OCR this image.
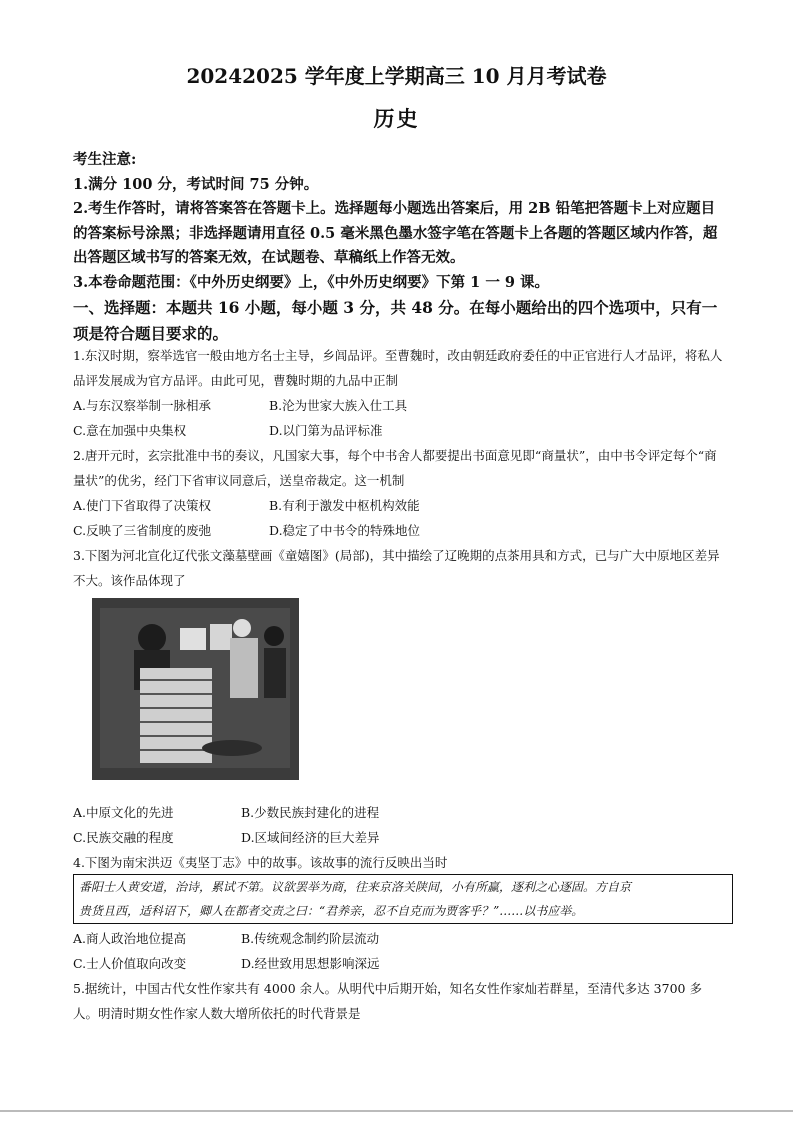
20242025 学年度上学期高三 10 月月考试卷
历史

考生注意:

1.满分 100 分，考试时间 75 分钟。

2.考生作答时，请将答案答在答题卡上。选择题每小题选出答案后，用 2B 铅笔把答题卡上对应题目的答案标号涂黑；非选择题请用直径 0.5 毫米黑色墨水签字笔在答题卡上各题的答题区域内作答，超出答题区域书写的答案无效，在试题卷、草稿纸上作答无效。

3.本卷命题范围：《中外历史纲要》上，《中外历史纲要》下第 1 一 9 课。

一、选择题：本题共 16 小题，每小题 3 分，共 48 分。在每小题给出的四个选项中，只有一项是符合题目要求的。

1.东汉时期，察举选官一般由地方名士主导，乡闾品评。至曹魏时，改由朝廷政府委任的中正官进行人才品评，将私人品评发展成为官方品评。由此可见，曹魏时期的九品中正制

A.与东汉察举制一脉相承	B.沦为世家大族入仕工具
C.意在加强中央集权	D.以门第为品评标准

2.唐开元时，玄宗批准中书的奏议，凡国家大事，每个中书舍人都要提出书面意见即“商量状”，由中书令评定每个“商量状”的优劣，经门下省审议同意后，送皇帝裁定。这一机制

A.使门下省取得了决策权	B.有利于激发中枢机构效能
C.反映了三省制度的废弛	D.稳定了中书令的特殊地位

3.下图为河北宣化辽代张文藻墓壁画《童嬉图》(局部)，其中描绘了辽晚期的点茶用具和方式，已与广大中原地区差异不大。该作品体现了

A.中原文化的先进	B.少数民族封建化的进程
C.民族交融的程度	D.区域间经济的巨大差异

4.下图为南宋洪迈《夷坚丁志》中的故事。该故事的流行反映出当时

番阳士人黄安道，治诗，累试不第。议欲罢举为商，往来京洛关陕间，小有所赢，逐利之心逐固。方自京

贵货且西，适科诏下，卿人在都者交责之曰：“君养亲，忍不自克而为贾客乎？”……以书应举。

A.商人政治地位提高	B.传统观念制约阶层流动
C.士人价值取向改变	D.经世致用思想影响深远

5.据统计，中国古代女性作家共有 4000 余人。从明代中后期开始，知名女性作家灿若群星，至清代多达 3700 多人。明清时期女性作家人数大增所依托的时代背景是
